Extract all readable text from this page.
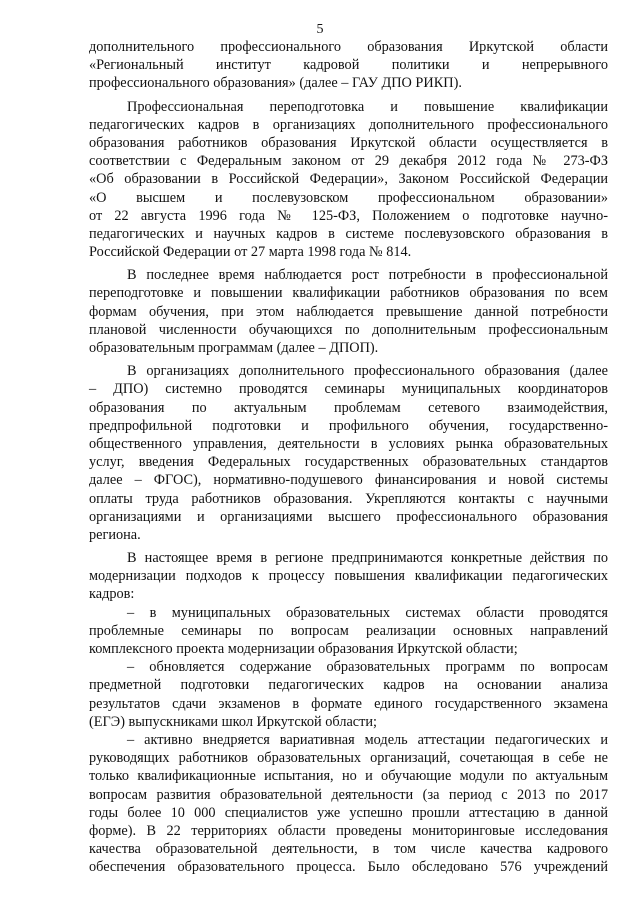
5
дополнительного профессионального образования Иркутской области
«Региональный институт кадровой политики и непрерывного
профессионального образования» (далее – ГАУ ДПО РИКП).
Профессиональная переподготовка и повышение квалификации
педагогических кадров в организациях дополнительного профессионального
образования работников образования Иркутской области осуществляется в
соответствии с Федеральным законом от 29 декабря 2012 года № 273-ФЗ
«Об образовании в Российской Федерации», Законом Российской Федерации
«О высшем и послевузовском профессиональном образовании»
от 22 августа 1996 года № 125-ФЗ, Положением о подготовке научно-
педагогических и научных кадров в системе послевузовского образования в
Российской Федерации от 27 марта 1998 года № 814.
В последнее время наблюдается рост потребности в профессиональной
переподготовке и повышении квалификации работников образования по всем
формам обучения, при этом наблюдается превышение данной потребности
плановой численности обучающихся по дополнительным профессиональным
образовательным программам (далее – ДПОП).
В организациях дополнительного профессионального образования (далее
– ДПО) системно проводятся семинары муниципальных координаторов
образования по актуальным проблемам сетевого взаимодействия,
предпрофильной подготовки и профильного обучения, государственно-
общественного управления, деятельности в условиях рынка образовательных
услуг, введения Федеральных государственных образовательных стандартов
далее – ФГОС), нормативно-подушевого финансирования и новой системы
оплаты труда работников образования. Укрепляются контакты с научными
организациями и организациями высшего профессионального образования
региона.
В настоящее время в регионе предпринимаются конкретные действия по
модернизации подходов к процессу повышения квалификации педагогических
кадров:
– в муниципальных образовательных системах области проводятся
проблемные семинары по вопросам реализации основных направлений
комплексного проекта модернизации образования Иркутской области;
– обновляется содержание образовательных программ по вопросам
предметной подготовки педагогических кадров на основании анализа
результатов сдачи экзаменов в формате единого государственного экзамена
(ЕГЭ) выпускниками школ Иркутской области;
– активно внедряется вариативная модель аттестации педагогических и
руководящих работников образовательных организаций, сочетающая в себе не
только квалификационные испытания, но и обучающие модули по актуальным
вопросам развития образовательной деятельности (за период с 2013 по 2017
годы более 10 000 специалистов уже успешно прошли аттестацию в данной
форме). В 22 территориях области проведены мониторинговые исследования
качества образовательной деятельности, в том числе качества кадрового
обеспечения образовательного процесса. Было обследовано 576 учреждений
